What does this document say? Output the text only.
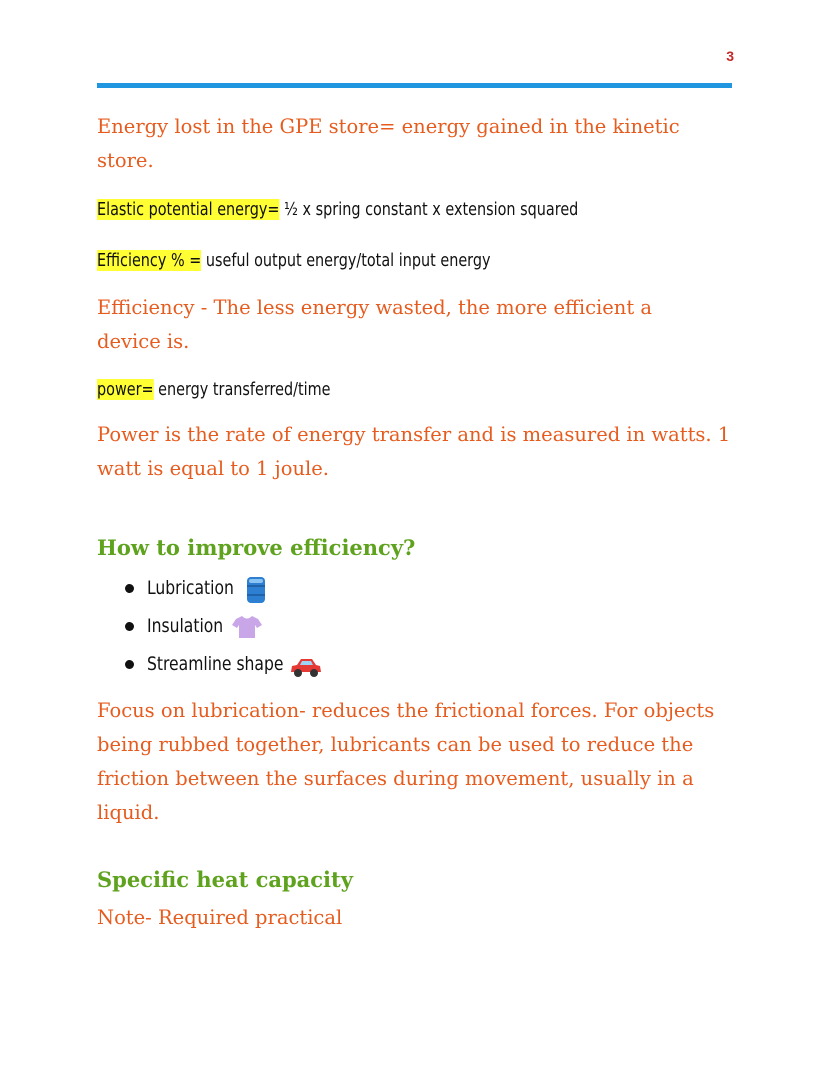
3

Energy lost in the GPE store= energy gained in the kinetic store.

Elastic potential energy= ½ x spring constant x extension squared

Efficiency % = useful output energy/total input energy

Efficiency - The less energy wasted, the more efficient a device is.

power= energy transferred/time

Power is the rate of energy transfer and is measured in watts. 1 watt is equal to 1 joule.

How to improve efficiency?
Lubrication
Insulation
Streamline shape

Focus on lubrication- reduces the frictional forces. For objects being rubbed together, lubricants can be used to reduce the friction between the surfaces during movement, usually in a liquid.

Specific heat capacity

Note- Required practical
